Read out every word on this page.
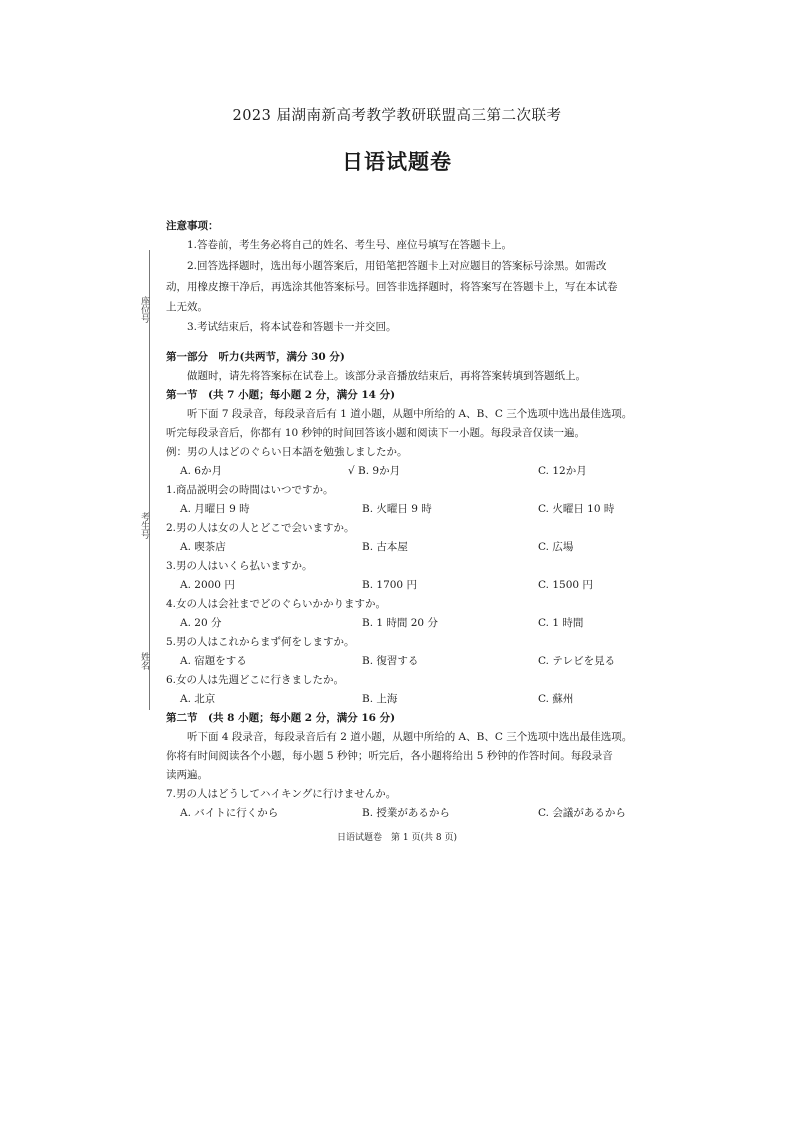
座位号
考生号
姓名
2023 届湖南新高考教学教研联盟高三第二次联考
日语试题卷
注意事项：
1.答卷前，考生务必将自己的姓名、考生号、座位号填写在答题卡上。
2.回答选择题时，选出每小题答案后，用铅笔把答题卡上对应题目的答案标号涂黑。如需改
动，用橡皮擦干净后，再选涂其他答案标号。回答非选择题时，将答案写在答题卡上，写在本试卷
上无效。
3.考试结束后，将本试卷和答题卡一并交回。
第一部分　听力(共两节，满分 30 分)
做题时，请先将答案标在试卷上。该部分录音播放结束后，再将答案转填到答题纸上。
第一节　(共 7 小题；每小题 2 分，满分 14 分)
听下面 7 段录音，每段录音后有 1 道小题，从题中所给的 A、B、C 三个选项中选出最佳选项。
听完每段录音后，你都有 10 秒钟的时间回答该小题和阅读下一小题。每段录音仅读一遍。
例：男の人はどのぐらい日本語を勉強しましたか。
A. 6か月	√ B. 9か月	C. 12か月
1.商品説明会の時間はいつですか。
A. 月曜日 9 時	B. 火曜日 9 時	C. 火曜日 10 時
2.男の人は女の人とどこで会いますか。
A. 喫茶店	B. 古本屋	C. 広場
3.男の人はいくら払いますか。
A. 2000 円	B. 1700 円	C. 1500 円
4.女の人は会社までどのぐらいかかりますか。
A. 20 分	B. 1 時間 20 分	C. 1 時間
5.男の人はこれからまず何をしますか。
A. 宿題をする	B. 復習する	C. テレビを見る
6.女の人は先週どこに行きましたか。
A. 北京	B. 上海	C. 蘇州
第二节　(共 8 小题；每小题 2 分，满分 16 分)
听下面 4 段录音，每段录音后有 2 道小题，从题中所给的 A、B、C 三个选项中选出最佳选项。
你将有时间阅读各个小题，每小题 5 秒钟；听完后，各小题将给出 5 秒钟的作答时间。每段录音
读两遍。
7.男の人はどうしてハイキングに行けませんか。
A. バイトに行くから	B. 授業があるから	C. 会議があるから
日语试题卷　第 1 页(共 8 页)
